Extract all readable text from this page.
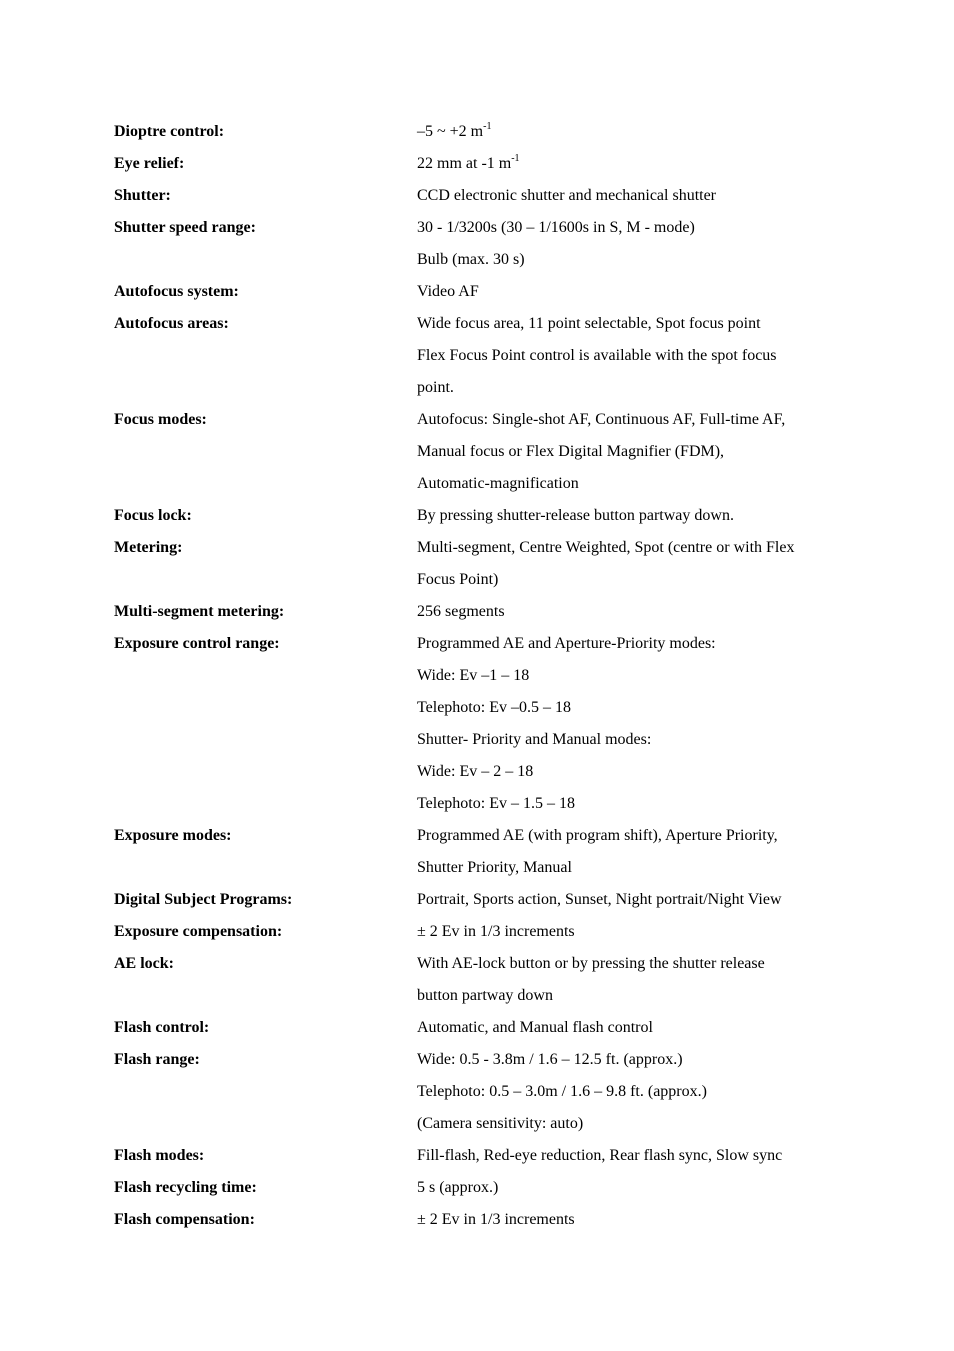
Dioptre control:	–5 ~ +2 $m^{-1}$
Eye relief:	22 mm at -1 $m^{-1}$
Shutter:	CCD electronic shutter and mechanical shutter
Shutter speed range:	30 - 1/3200s (30 – 1/1600s in S, M - mode)
Bulb (max. 30 s)
Autofocus system:	Video AF
Autofocus areas:	Wide focus area, 11 point selectable, Spot focus point
Flex Focus Point control is available with the spot focus
point.
Focus modes:	Autofocus: Single-shot AF, Continuous AF, Full-time AF,
Manual focus or Flex Digital Magnifier (FDM),
Automatic-magnification
Focus lock:	By pressing shutter-release button partway down.
Metering:	Multi-segment, Centre Weighted, Spot (centre or with Flex
Focus Point)
Multi-segment metering:	256 segments
Exposure control range:	Programmed AE and Aperture-Priority modes:
Wide: Ev –1 – 18
Telephoto: Ev –0.5 – 18
Shutter- Priority and Manual modes:
Wide: Ev – 2 – 18
Telephoto: Ev – 1.5 – 18
Exposure modes:	Programmed AE (with program shift), Aperture Priority,
Shutter Priority, Manual
Digital Subject Programs:	Portrait, Sports action, Sunset, Night portrait/Night View
Exposure compensation:	± 2 Ev in 1/3 increments
AE lock:	With AE-lock button or by pressing the shutter release
button partway down
Flash control:	Automatic, and Manual flash control
Flash range:	Wide: 0.5 - 3.8m / 1.6 – 12.5 ft. (approx.)
Telephoto: 0.5 – 3.0m / 1.6 – 9.8 ft. (approx.)
(Camera sensitivity: auto)
Flash modes:	Fill-flash, Red-eye reduction, Rear flash sync, Slow sync
Flash recycling time:	5 s (approx.)
Flash compensation:	± 2 Ev in 1/3 increments
